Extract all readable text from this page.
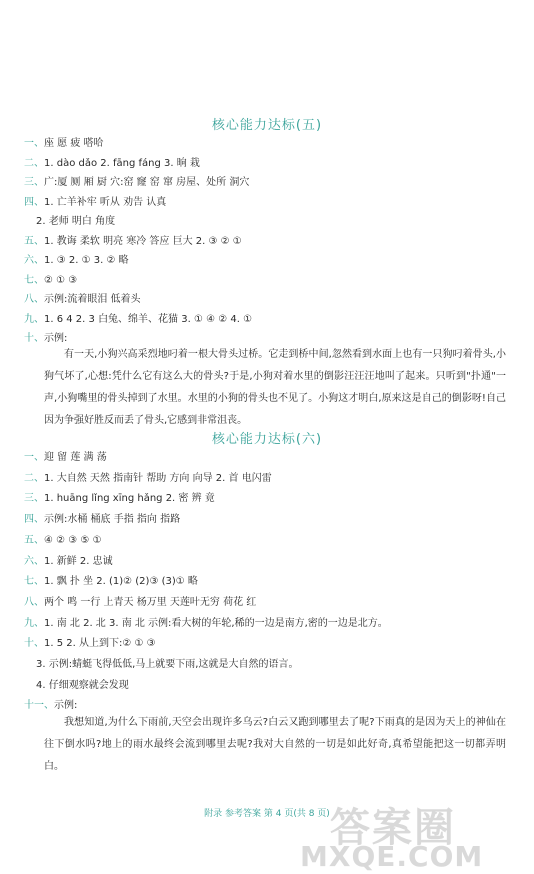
核心能力达标(五)
一、座 愿 疲 嗒哈
二、1. dào dǎo 2. fāng fáng 3. 晌 栽
三、广:厦 厕 厢 厨 穴:窑 窿 窑 窜 房屋、处所 洞穴
四、1. 亡羊补牢 听从 劝告 认真
2. 老师 明白 角度
五、1. 教诲 柔软 明亮 寒冷 答应 巨大 2. ③ ② ①
六、1. ③ 2. ① 3. ② 略
七、② ① ③
八、示例:流着眼泪 低着头
九、1. 6 4 2. 3 白兔、绵羊、花猫 3. ① ④ ② 4. ①
十、示例:
有一天,小狗兴高采烈地叼着一根大骨头过桥。它走到桥中间,忽然看到水面上也有一只狗叼着骨头,小狗气坏了,心想:凭什么它有这么大的骨头?于是,小狗对着水里的倒影汪汪汪地叫了起来。只听到"扑通"一声,小狗嘴里的骨头掉到了水里。水里的小狗的骨头也不见了。小狗这才明白,原来这是自己的倒影呀!自己因为争强好胜反而丢了骨头,它感到非常沮丧。
核心能力达标(六)
一、迎 留 莲 满 荡
二、1. 大自然 天然 指南针 帮助 方向 向导 2. 首 电闪雷
三、1. huāng lǐng xīng hǎng 2. 密 辨 竟
四、示例:水桶 桶底 手指 指向 指路
五、④ ② ③ ⑤ ①
六、1. 新鲜 2. 忠诚
七、1. 飘 扑 坐 2. (1)② (2)③ (3)① 略
八、两个 鸣 一行 上青天 杨万里 天莲叶无穷 荷花 红
九、1. 南 北 2. 北 3. 南 北 示例:看大树的年轮,稀的一边是南方,密的一边是北方。
十、1. 5 2. 从上到下:② ① ③
3. 示例:蜻蜓飞得低低,马上就要下雨,这就是大自然的语言。
4. 仔细观察就会发现
十一、示例:
我想知道,为什么下雨前,天空会出现许多乌云?白云又跑到哪里去了呢?下雨真的是因为天上的神仙在往下倒水吗?地上的雨水最终会流到哪里去呢?我对大自然的一切是如此好奇,真希望能把这一切都弄明白。
附录 参考答案 第 4 页(共 8 页) 答案圈
MXQE.COM
